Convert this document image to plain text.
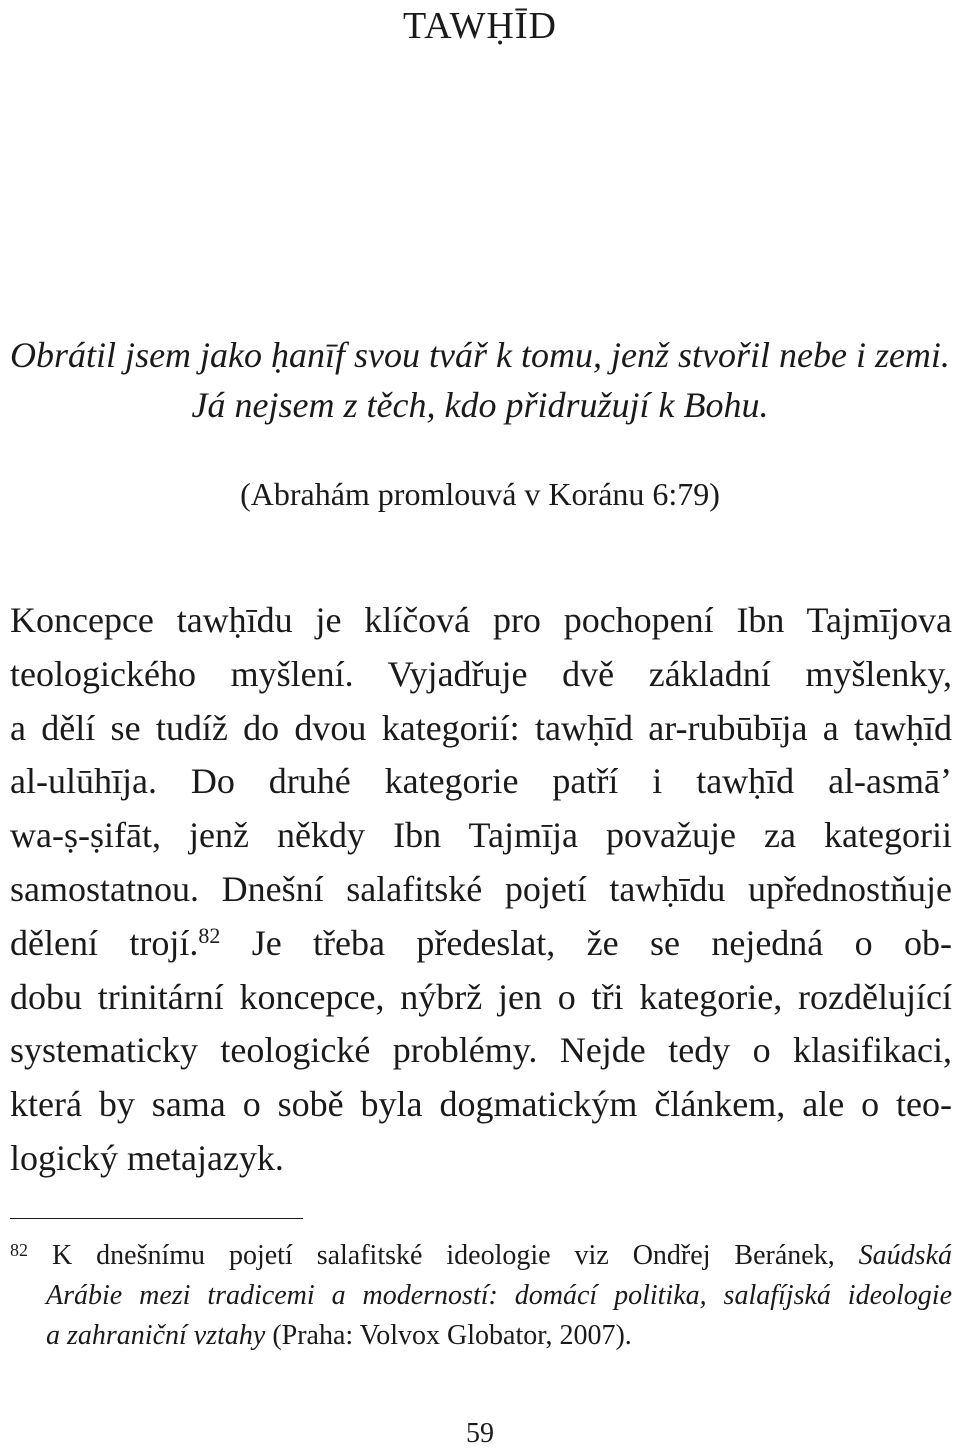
TAWḤĪD
Obrátil jsem jako ḥanīf svou tvář k tomu, jenž stvořil nebe i zemi.
Já nejsem z těch, kdo přidružují k Bohu.
(Abrahám promlouvá v Koránu 6:79)
Koncepce tawḥīdu je klíčová pro pochopení Ibn Tajmījova
teologického myšlení. Vyjadřuje dvě základní myšlenky,
a dělí se tudíž do dvou kategorií: tawḥīd ar-rubūbīja a tawḥīd
al-ulūhīja. Do druhé kategorie patří i tawḥīd al-asmāʼ
wa-ṣ-ṣifāt, jenž někdy Ibn Tajmīja považuje za kategorii
samostatnou. Dnešní salafitské pojetí tawḥīdu upřednostňuje
dělení trojí.$^{82}$ Je třeba předeslat, že se nejedná o ob-
dobu trinitární koncepce, nýbrž jen o tři kategorie, rozdělující
systematicky teologické problémy. Nejde tedy o klasifikaci,
která by sama o sobě byla dogmatickým článkem, ale o teo-
logický metajazyk.
$^{82}$ K dnešnímu pojetí salafitské ideologie viz Ondřej Beránek, Saúdská
Arábie mezi tradicemi a moderností: domácí politika, salafíjská ideologie
a zahraniční vztahy (Praha: Volvox Globator, 2007).
59
